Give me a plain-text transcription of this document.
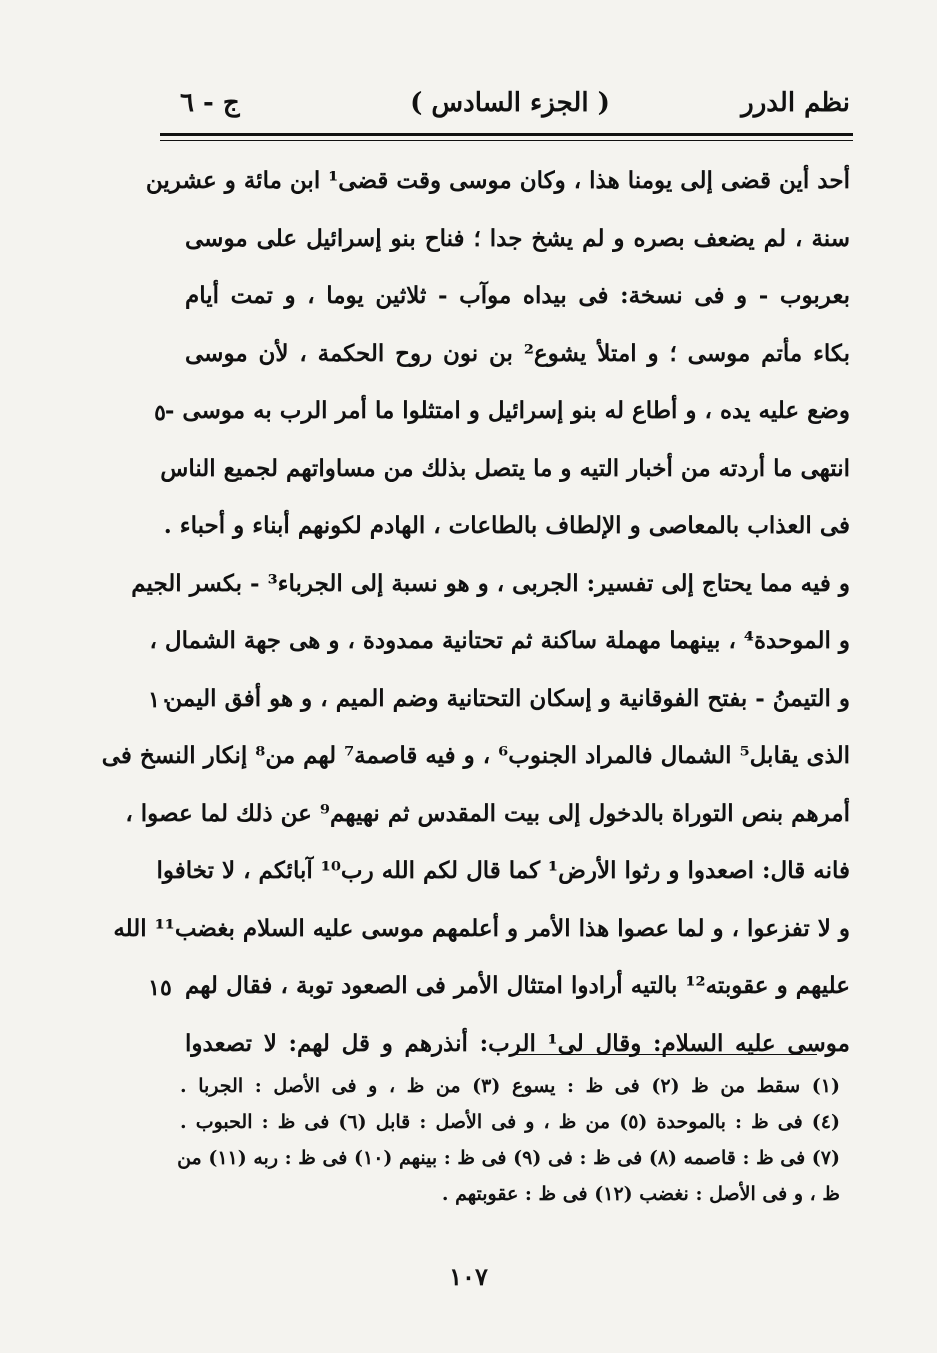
نظم الدرر
( الجزء السادس )
ج - ٦
أحد أين قضى إلى يومنا هذا ، وكان موسى وقت قضى¹ ابن مائة و عشرين
سنة ، لم يضعف بصره و لم يشخ جدا ؛ فناح بنو إسرائيل على موسى
بعربوب - و فى نسخة: فى بيداه موآب - ثلاثين يوما ، و تمت أيام
بكاء مأتم موسى ؛ و امتلأ يشوع² بن نون روح الحكمة ، لأن موسى
وضع عليه يده ، و أطاع له بنو إسرائيل و امتثلوا ما أمر الرب به موسى -
انتهى ما أردته من أخبار التيه و ما يتصل بذلك من مساواتهم لجميع الناس
فى العذاب بالمعاصى و الإلطاف بالطاعات ، الهادم لكونهم أبناء و أحباء .
و فيه مما يحتاج إلى تفسير: الجربى ، و هو نسبة إلى الجرباء³ - بكسر الجيم
و الموحدة⁴ ، بينهما مهملة ساكنة ثم تحتانية ممدودة ، و هى جهة الشمال ،
و التيمنُ - بفتح الفوقانية و إسكان التحتانية وضم الميم ، و هو أفق اليمن
الذى يقابل⁵ الشمال فالمراد الجنوب⁶ ، و فيه قاصمة⁷ لهم من⁸ إنكار النسخ فى
أمرهم بنص التوراة بالدخول إلى بيت المقدس ثم نهيهم⁹ عن ذلك لما عصوا ،
فانه قال: اصعدوا و رثوا الأرض¹ كما قال لكم الله رب¹⁰ آبائكم ، لا تخافوا
و لا تفزعوا ، و لما عصوا هذا الأمر و أعلمهم موسى عليه السلام بغضب¹¹ الله
عليهم و عقوبته¹² بالتيه أرادوا امتثال الأمر فى الصعود توبة ، فقال لهم
موسى عليه السلام: وقال لى¹ الرب: أنذرهم و قل لهم: لا تصعدوا
٥
١٠
١٥
(١) سقط من ظ (٢) فى ظ : يسوع (٣) من ظ ، و فى الأصل : الجربا .
(٤) فى ظ : بالموحدة (٥) من ظ ، و فى الأصل : قابل (٦) فى ظ : الحبوب .
(٧) فى ظ : قاصمه (٨) فى ظ : فى (٩) فى ظ : بينهم (١٠) فى ظ : ربه (١١) من
ظ ، و فى الأصل : نغضب (١٢) فى ظ : عقوبتهم .
١٠٧
